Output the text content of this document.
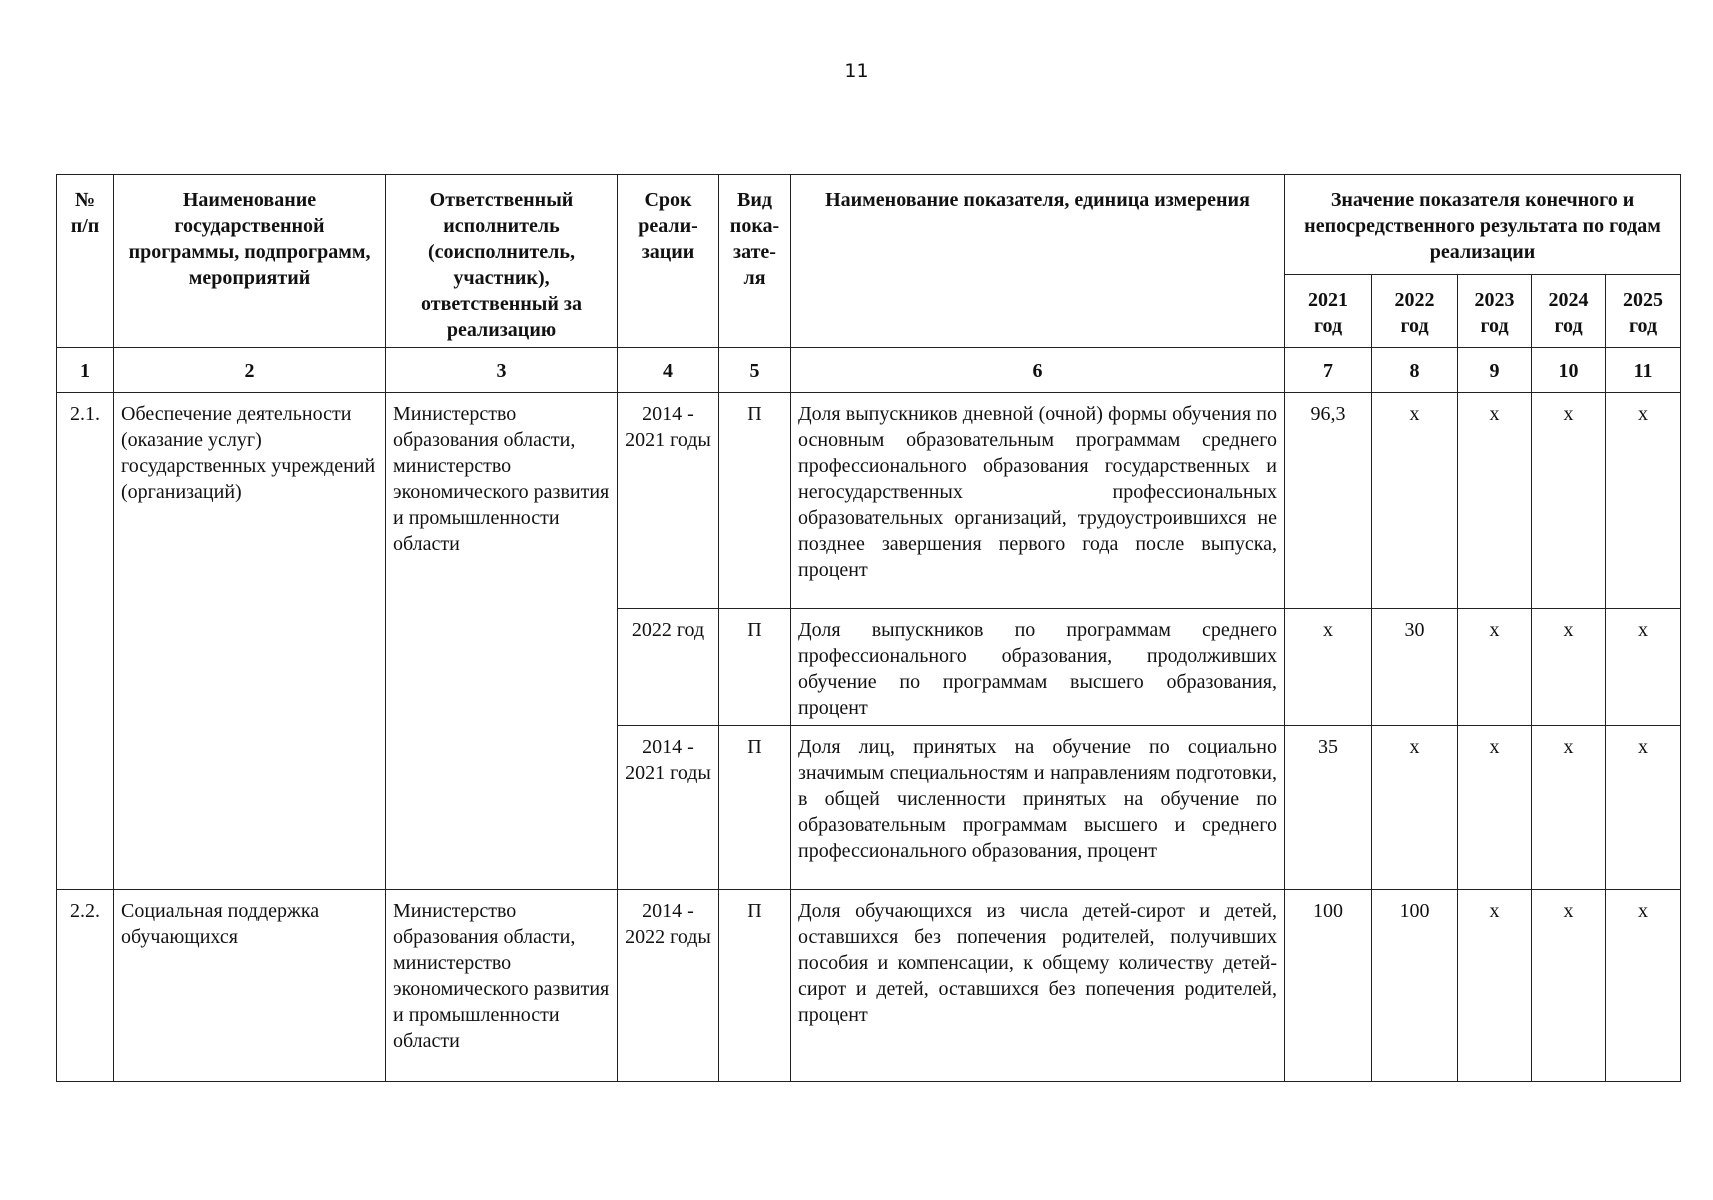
11
№ п/п	Наименование государственной программы, подпрограмм, мероприятий	Ответственный исполнитель (соисполнитель, участник), ответственный за реализацию	Срок реали-зации	Вид пока-зате-ля	Наименование показателя, единица измерения	Значение показателя конечного и непосредственного результата по годам реализации				
						2021 год	2022 год	2023 год	2024 год	2025 год
1	2	3	4	5	6	7	8	9	10	11
2.1.	Обеспечение деятельности (оказание услуг) государственных учреждений (организаций)	Министерство образования области, министерство экономического развития и промышленности области	2014 - 2021 годы	П	Доля выпускников дневной (очной) формы обучения по основным образовательным программам среднего профессионального образования государственных и негосударственных профессиональных образовательных организаций, трудоустроившихся не позднее завершения первого года после выпуска, процент	96,3	х	х	х	х
			2022 год	П	Доля выпускников по программам среднего профессионального образования, продолживших обучение по программам высшего образования, процент	х	30	х	х	х
			2014 - 2021 годы	П	Доля лиц, принятых на обучение по социально значимым специальностям и направлениям подготовки, в общей численности принятых на обучение по образовательным программам высшего и среднего профессионального образования, процент	35	х	х	х	х
2.2.	Социальная поддержка обучающихся	Министерство образования области, министерство экономического развития и промышленности области	2014 - 2022 годы	П	Доля обучающихся из числа детей-сирот и детей, оставшихся без попечения родителей, получивших пособия и компенсации, к общему количеству детей-сирот и детей, оставшихся без попечения родителей, процент	100	100	х	х	х
